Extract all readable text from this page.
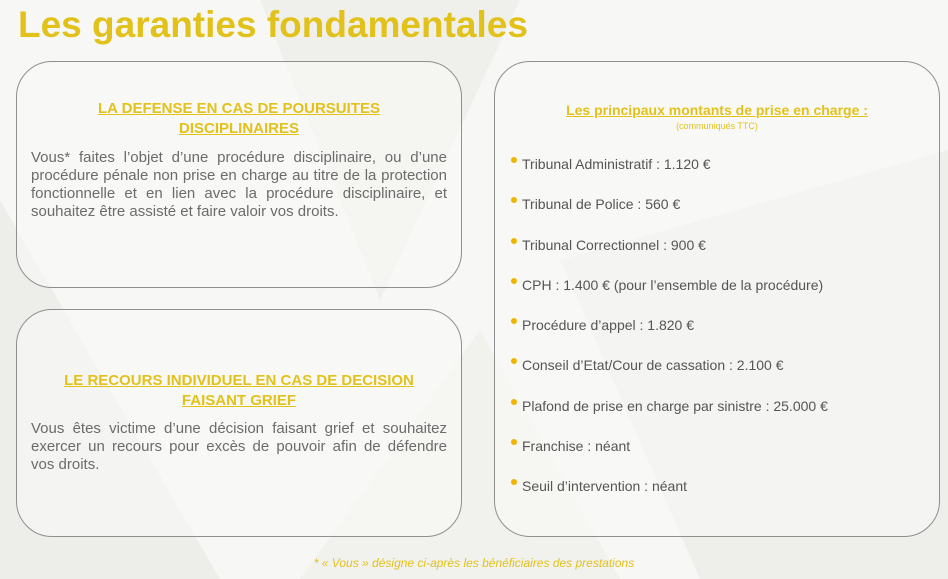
Les garanties fondamentales
LA DEFENSE EN CAS DE POURSUITES
DISCIPLINAIRES

Vous* faites l’objet d’une procédure disciplinaire, ou d’une procédure pénale non prise en charge au titre de la protection fonctionnelle et en lien avec la procédure disciplinaire, et souhaitez être assisté et faire valoir vos droits.

LE RECOURS INDIVIDUEL EN CAS DE DECISION
FAISANT GRIEF

Vous êtes victime d’une décision faisant grief et souhaitez exercer un recours pour excès de pouvoir afin de défendre vos droits.

Les principaux montants de prise en charge :
(communiqués TTC)
Tribunal Administratif : 1.120 €
Tribunal de Police : 560 €
Tribunal Correctionnel : 900 €
CPH : 1.400 € (pour l’ensemble de la procédure)
Procédure d’appel : 1.820 €
Conseil d’Etat/Cour de cassation : 2.100 €
Plafond de prise en charge par sinistre : 25.000 €
Franchise : néant
Seuil d’intervention : néant
* « Vous » désigne ci-après les bénéficiaires des prestations
